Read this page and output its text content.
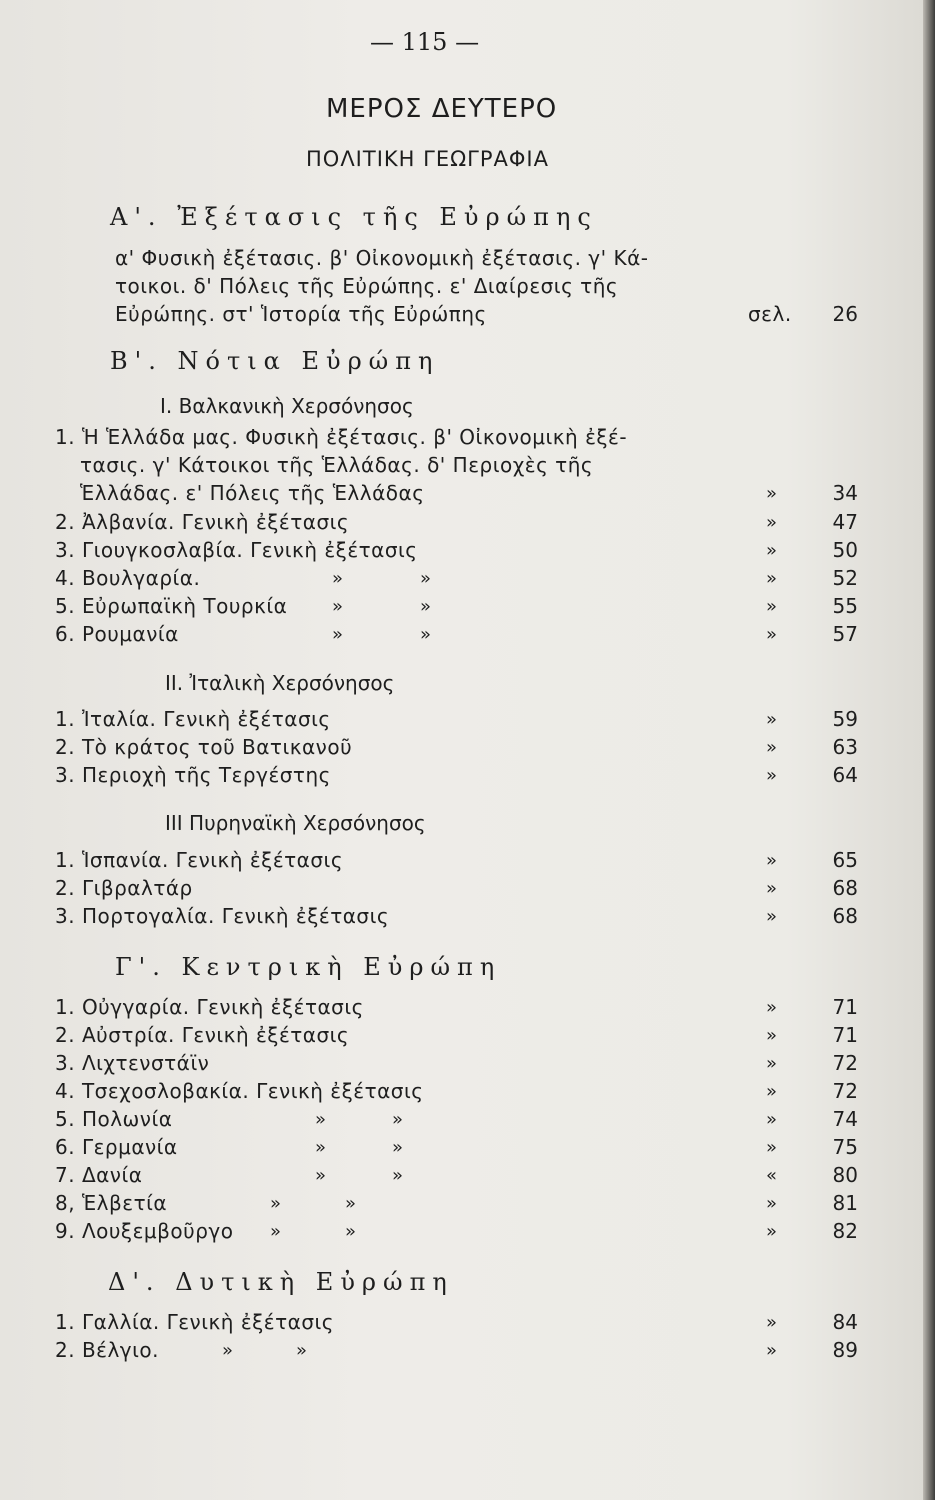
— 115 —
ΜΕΡΟΣ ΔΕΥΤΕΡΟ
ΠΟΛΙΤΙΚΗ ΓΕΩΓΡΑΦΙΑ
Α'. Ἐξέτασις τῆς Εὐρώπης
α' Φυσικὴ ἐξέτασις. β' Οἰκονομικὴ ἐξέτασις. γ' Κά-
τοικοι. δ' Πόλεις τῆς Εὐρώπης. ε' Διαίρεσις τῆς
Εὐρώπης. στ' Ἱστορία τῆς Εὐρώπης	σελ.	26
Β'. Νότια Εὐρώπη
Ι. Βαλκανικὴ Χερσόνησος
1. Ἡ Ἑλλάδα μας. Φυσικὴ ἐξέτασις. β' Οἰκονομικὴ ἐξέ-
τασις. γ' Κάτοικοι τῆς Ἑλλάδας. δ' Περιοχὲς τῆς
Ἑλλάδας. ε' Πόλεις τῆς Ἑλλάδας	»	34
2. Ἀλβανία. Γενικὴ ἐξέτασις	»	47
3. Γιουγκοσλαβία. Γενικὴ ἐξέτασις	»	50
4. Βουλγαρία.	»	»	»	52
5. Εὐρωπαϊκὴ Τουρκία »	»	»	55
6. Ρουμανία	»	»	»	57
ΙΙ. Ἰταλικὴ Χερσόνησος
1. Ἰταλία. Γενικὴ ἐξέτασις	»	59
2. Τὸ κράτος τοῦ Βατικανοῦ	»	63
3. Περιοχὴ τῆς Τεργέστης	»	64
ΙΙΙ Πυρηναϊκὴ Χερσόνησος
1. Ἱσπανία. Γενικὴ ἐξέτασις	»	65
2. Γιβραλτάρ	»	68
3. Πορτογαλία. Γενικὴ ἐξέτασις	»	68
Γ'. Κεντρικὴ Εὐρώπη
1. Οὐγγαρία. Γενικὴ ἐξέτασις	»	71
2. Αὐστρία. Γενικὴ ἐξέτασις	»	71
3. Λιχτενστάϊν	»	72
4. Τσεχοσλοβακία. Γενικὴ ἐξέτασις	»	72
5. Πολωνία	»	»	»	74
6. Γερμανία	»	»	»	75
7. Δανία	»	»	«	80
8, Ἑλβετία	»	»	»	81
9. Λουξεμβοῦργο »	»	»	82
Δ'. Δυτικὴ Εὐρώπη
1. Γαλλία. Γενικὴ ἐξέτασις	»	84
2. Βέλγιο.	»	»	»	89
